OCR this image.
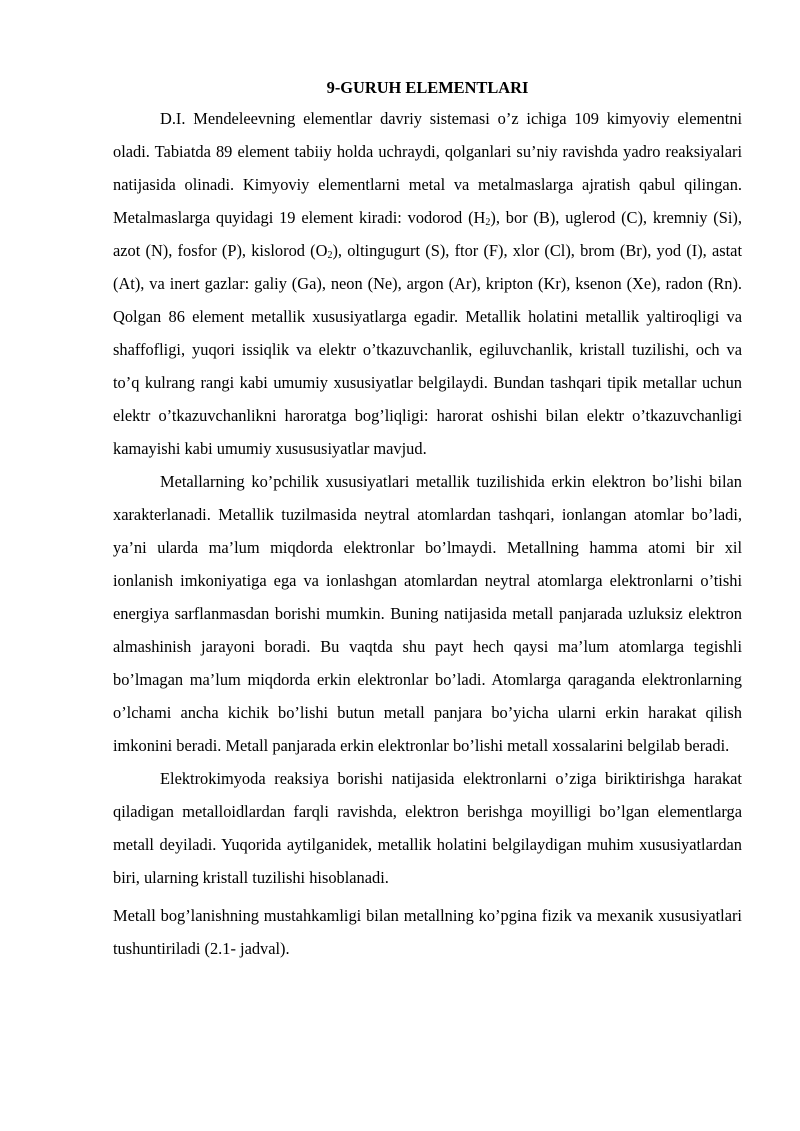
9-GURUH ELEMENTLARI

D.I. Mendeleevning elementlar davriy sistemasi o’z ichiga 109 kimyoviy elementni oladi. Tabiatda 89 element tabiiy holda uchraydi, qolganlari su’niy ravishda yadro reaksiyalari natijasida olinadi. Kimyoviy elementlarni metal va metalmaslarga ajratish qabul qilingan. Metalmaslarga quyidagi 19 element kiradi: vodorod $(H_2)$, bor (B), uglerod (C), kremniy (Si), azot (N), fosfor (P), kislorod $(O_2)$, oltingugurt (S), ftor (F), xlor (Cl), brom (Br), yod (I), astat (At), va inert gazlar: galiy (Ga), neon (Ne), argon (Ar), kripton (Kr), ksenon (Xe), radon (Rn). Qolgan 86 element metallik xususiyatlarga egadir. Metallik holatini metallik yaltiroqligi va shaffofligi, yuqori issiqlik va elektr o’tkazuvchanlik, egiluvchanlik, kristall tuzilishi, och va to’q kulrang rangi kabi umumiy xususiyatlar belgilaydi. Bundan tashqari tipik metallar uchun elektr o’tkazuvchanlikni haroratga bog’liqligi: harorat oshishi bilan elektr o’tkazuvchanligi kamayishi kabi umumiy xusususiyatlar mavjud.

Metallarning ko’pchilik xususiyatlari metallik tuzilishida erkin elektron bo’lishi bilan xarakterlanadi. Metallik tuzilmasida neytral atomlardan tashqari, ionlangan atomlar bo’ladi, ya’ni ularda ma’lum miqdorda elektronlar bo’lmaydi. Metallning hamma atomi bir xil ionlanish imkoniyatiga ega va ionlashgan atomlardan neytral atomlarga elektronlarni o’tishi energiya sarflanmasdan borishi mumkin. Buning natijasida metall panjarada uzluksiz elektron almashinish jarayoni boradi. Bu vaqtda shu payt hech qaysi ma’lum atomlarga tegishli bo’lmagan ma’lum miqdorda erkin elektronlar bo’ladi. Atomlarga qaraganda elektronlarning o’lchami ancha kichik bo’lishi butun metall panjara bo’yicha ularni erkin harakat qilish imkonini beradi. Metall panjarada erkin elektronlar bo’lishi metall xossalarini belgilab beradi.

Elektrokimyoda reaksiya borishi natijasida elektronlarni o’ziga biriktirishga harakat qiladigan metalloidlardan farqli ravishda, elektron berishga moyilligi bo’lgan elementlarga metall deyiladi. Yuqorida aytilganidek, metallik holatini belgilaydigan muhim xususiyatlardan biri, ularning kristall tuzilishi hisoblanadi.

Metall bog’lanishning mustahkamligi bilan metallning ko’pgina fizik va mexanik xususiyatlari tushuntiriladi (2.1- jadval).
